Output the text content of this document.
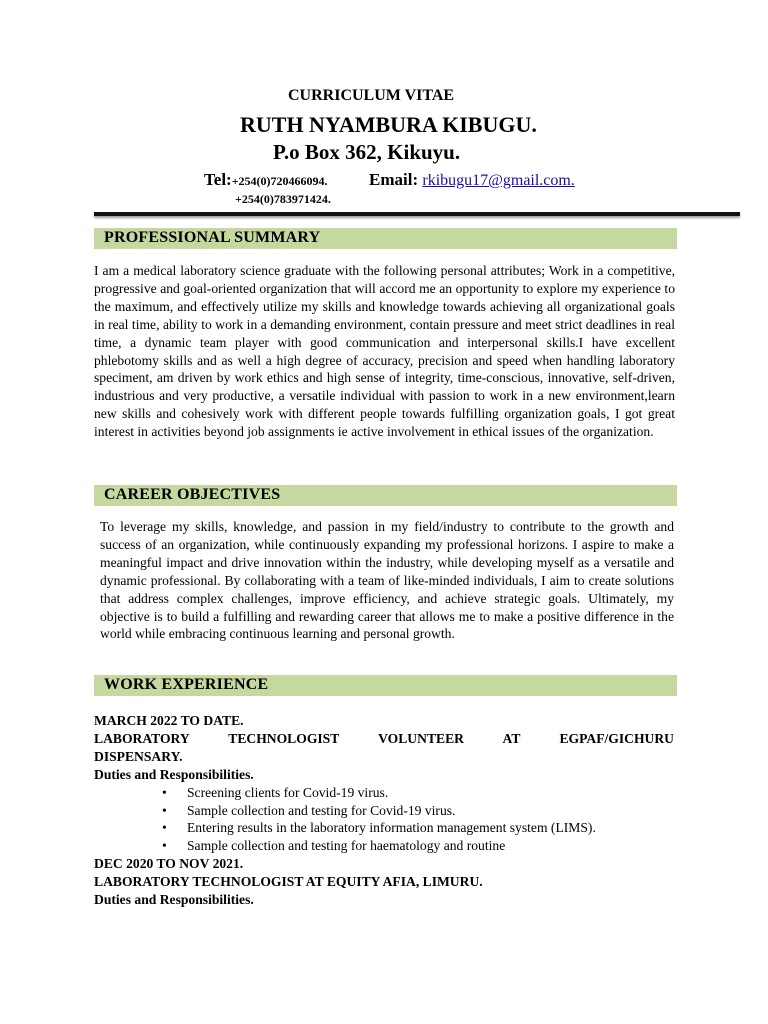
CURRICULUM VITAE
RUTH NYAMBURA KIBUGU.
P.o Box 362, Kikuyu.
Tel:+254(0)720466094. Email: rkibugu17@gmail.com.
+254(0)783971424.
PROFESSIONAL SUMMARY
I am a medical laboratory science graduate with the following personal attributes; Work in a competitive, progressive and goal-oriented organization that will accord me an opportunity to explore my experience to the maximum, and effectively utilize my skills and knowledge towards achieving all organizational goals in real time, ability to work in a demanding environment, contain pressure and meet strict deadlines in real time, a dynamic team player with good communication and interpersonal skills.I have excellent phlebotomy skills and as well a high degree of accuracy, precision and speed when handling laboratory speciment, am driven by work ethics and high sense of integrity, time-conscious, innovative, self-driven, industrious and very productive, a versatile individual with passion to work in a new environment,learn new skills and cohesively work with different people towards fulfilling organization goals, I got great interest in activities beyond job assignments ie active involvement in ethical issues of the organization.
CAREER OBJECTIVES
To leverage my skills, knowledge, and passion in my field/industry to contribute to the growth and success of an organization, while continuously expanding my professional horizons. I aspire to make a meaningful impact and drive innovation within the industry, while developing myself as a versatile and dynamic professional. By collaborating with a team of like-minded individuals, I aim to create solutions that address complex challenges, improve efficiency, and achieve strategic goals. Ultimately, my objective is to build a fulfilling and rewarding career that allows me to make a positive difference in the world while embracing continuous learning and personal growth.
WORK EXPERIENCE
MARCH 2022 TO DATE.
LABORATORY TECHNOLOGIST VOLUNTEER AT EGPAF/GICHURU
DISPENSARY.
Duties and Responsibilities.
• Screening clients for Covid-19 virus.
• Sample collection and testing for Covid-19 virus.
• Entering results in the laboratory information management system (LIMS).
• Sample collection and testing for haematology and routine
DEC 2020 TO NOV 2021.
LABORATORY TECHNOLOGIST AT EQUITY AFIA, LIMURU.
Duties and Responsibilities.
